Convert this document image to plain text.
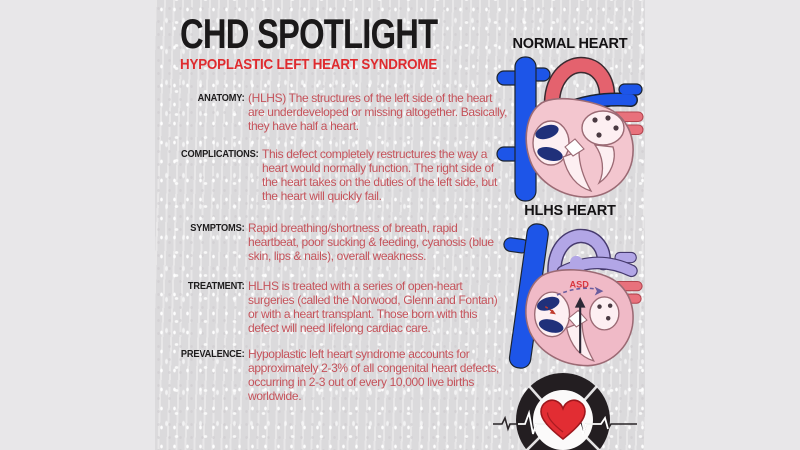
CHD SPOTLIGHT
HYPOPLASTIC LEFT HEART SYNDROME
ANATOMY: (HLHS) The structures of the left side of the heart are underdeveloped or missing altogether. Basically, they have half a heart.
COMPLICATIONS: This defect completely restructures the way a heart would normally function. The right side of the heart takes on the duties of the left side, but the heart will quickly fail.
SYMPTOMS: Rapid breathing/shortness of breath, rapid heartbeat, poor sucking & feeding, cyanosis (blue skin, lips & nails), overall weakness.
TREATMENT: HLHS is treated with a series of open-heart surgeries (called the Norwood, Glenn and Fontan) or with a heart transplant. Those born with this defect will need lifelong cardiac care.
PREVALENCE: Hypoplastic left heart syndrome accounts for approximately 2-3% of all congenital heart defects, occurring in 2-3 out of every 10,000 live births worldwide.
NORMAL HEART
HLHS HEART
ASD
